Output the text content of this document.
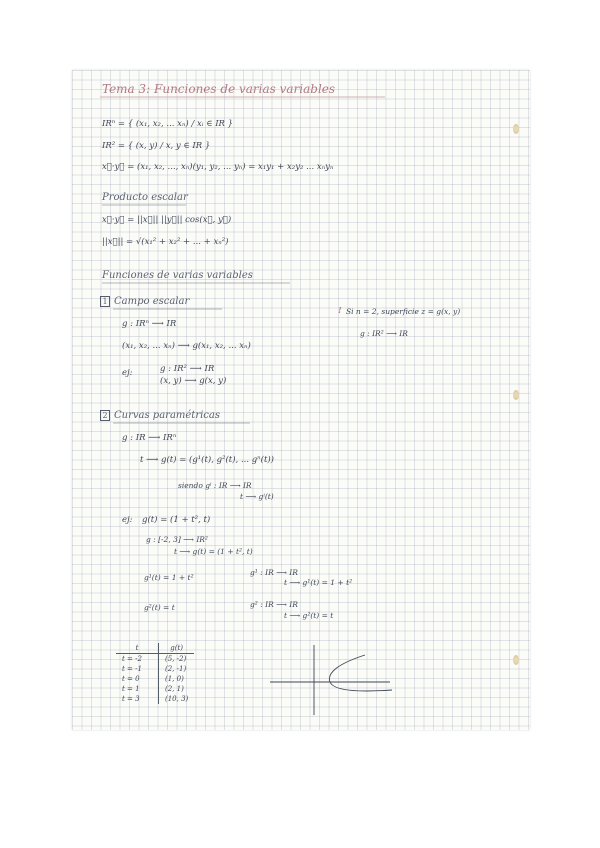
Tema 3: Funciones de varias variables
IRⁿ = { (x₁, x₂, ... xₙ) / xᵢ ∈ IR }
IR² = { (x, y) / x, y ∈ IR }
x⃗·y⃗ = (x₁, x₂, ..., xₙ)(y₁, y₂, ... yₙ) = x₁y₁ + x₂y₂ ... xₙyₙ
Producto escalar
x⃗·y⃗ = ||x⃗|| ||y⃗|| cos(x⃗, y⃗)
||x⃗|| = √(x₁² + x₂² + ... + xₙ²)
Funciones de varias variables
1 Campo escalar
g : IRⁿ ⟶ IR
(x₁, x₂, ... xₙ) ⟶ g(x₁, x₂, ... xₙ)
ej:	g : IR² ⟶ IR
(x, y) ⟶ g(x, y)
! Si n = 2, superficie z = g(x, y)
g : IR² ⟶ IR
2 Curvas paramétricas
g : IR ⟶ IRⁿ
t ⟶ g(t) = (g¹(t), g²(t), ... gⁿ(t))
siendo gⁱ : IR ⟶ IR
t ⟶ gⁱ(t)
ej: g(t) = (1 + t², t)
g : [-2, 3] ⟶ IR²
t ⟶ g(t) = (1 + t², t)
g¹(t) = 1 + t²
g¹ : IR ⟶ IR
t ⟶ g¹(t) = 1 + t²
g²(t) = t	g² : IR ⟶ IR
t ⟶ g²(t) = t
t	g(t)
t = -2	(5, -2)
t = -1	(2, -1)
t = 0	(1, 0)
t = 1	(2, 1)
t = 3	(10, 3)
